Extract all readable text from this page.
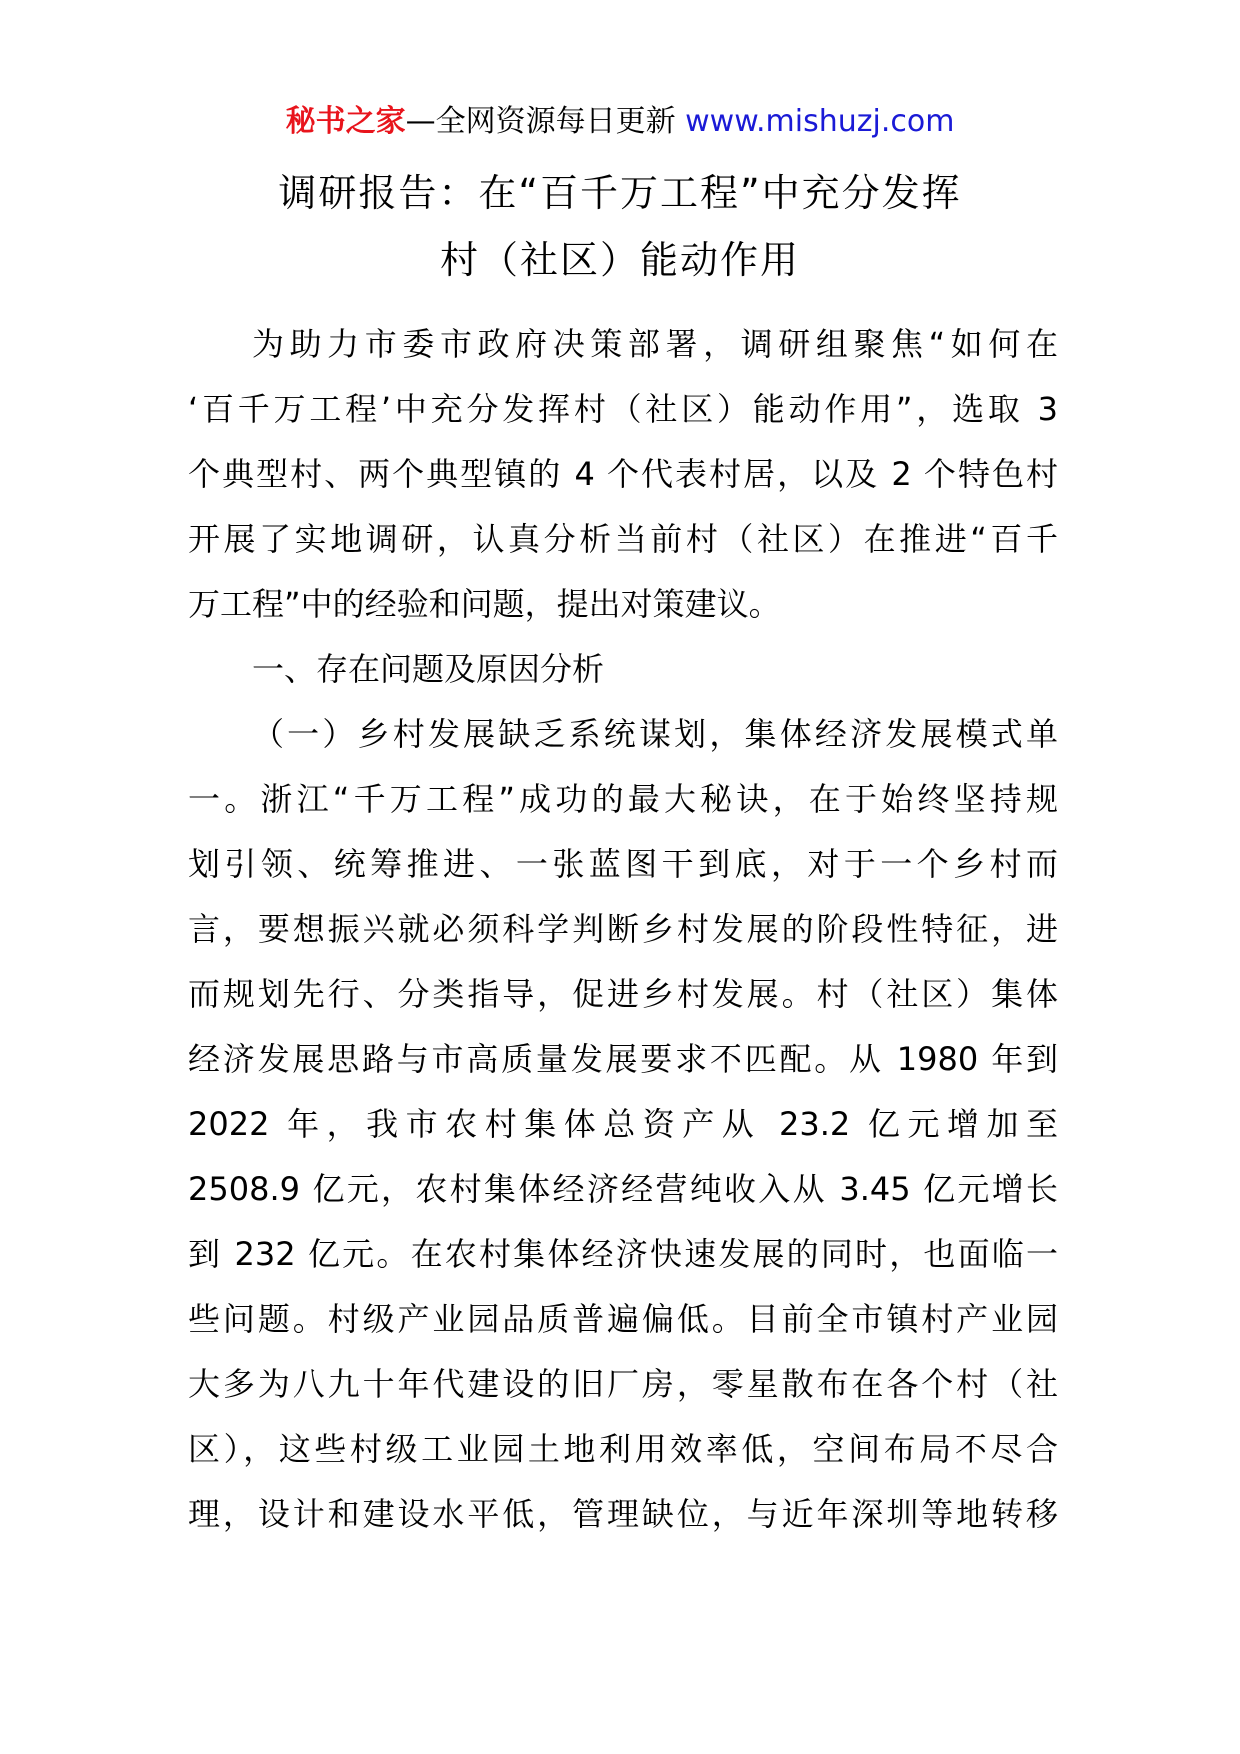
秘书之家—全网资源每日更新 www.mishuzj.com
调研报告：在“百千万工程”中充分发挥
村（社区）能动作用
为助力市委市政府决策部署，调研组聚焦“如何在
‘百千万工程’中充分发挥村（社区）能动作用”，选取 3
个典型村、两个典型镇的 4 个代表村居，以及 2 个特色村
开展了实地调研，认真分析当前村（社区）在推进“百千
万工程”中的经验和问题，提出对策建议。
一、存在问题及原因分析
（一）乡村发展缺乏系统谋划，集体经济发展模式单
一。浙江“千万工程”成功的最大秘诀，在于始终坚持规
划引领、统筹推进、一张蓝图干到底，对于一个乡村而
言，要想振兴就必须科学判断乡村发展的阶段性特征，进
而规划先行、分类指导，促进乡村发展。村（社区）集体
经济发展思路与市高质量发展要求不匹配。从 1980 年到
2022 年，我市农村集体总资产从 23.2 亿元增加至
2508.9 亿元，农村集体经济经营纯收入从 3.45 亿元增长
到 232 亿元。在农村集体经济快速发展的同时，也面临一
些问题。村级产业园品质普遍偏低。目前全市镇村产业园
大多为八九十年代建设的旧厂房，零星散布在各个村（社
区），这些村级工业园土地利用效率低，空间布局不尽合
理，设计和建设水平低，管理缺位，与近年深圳等地转移
